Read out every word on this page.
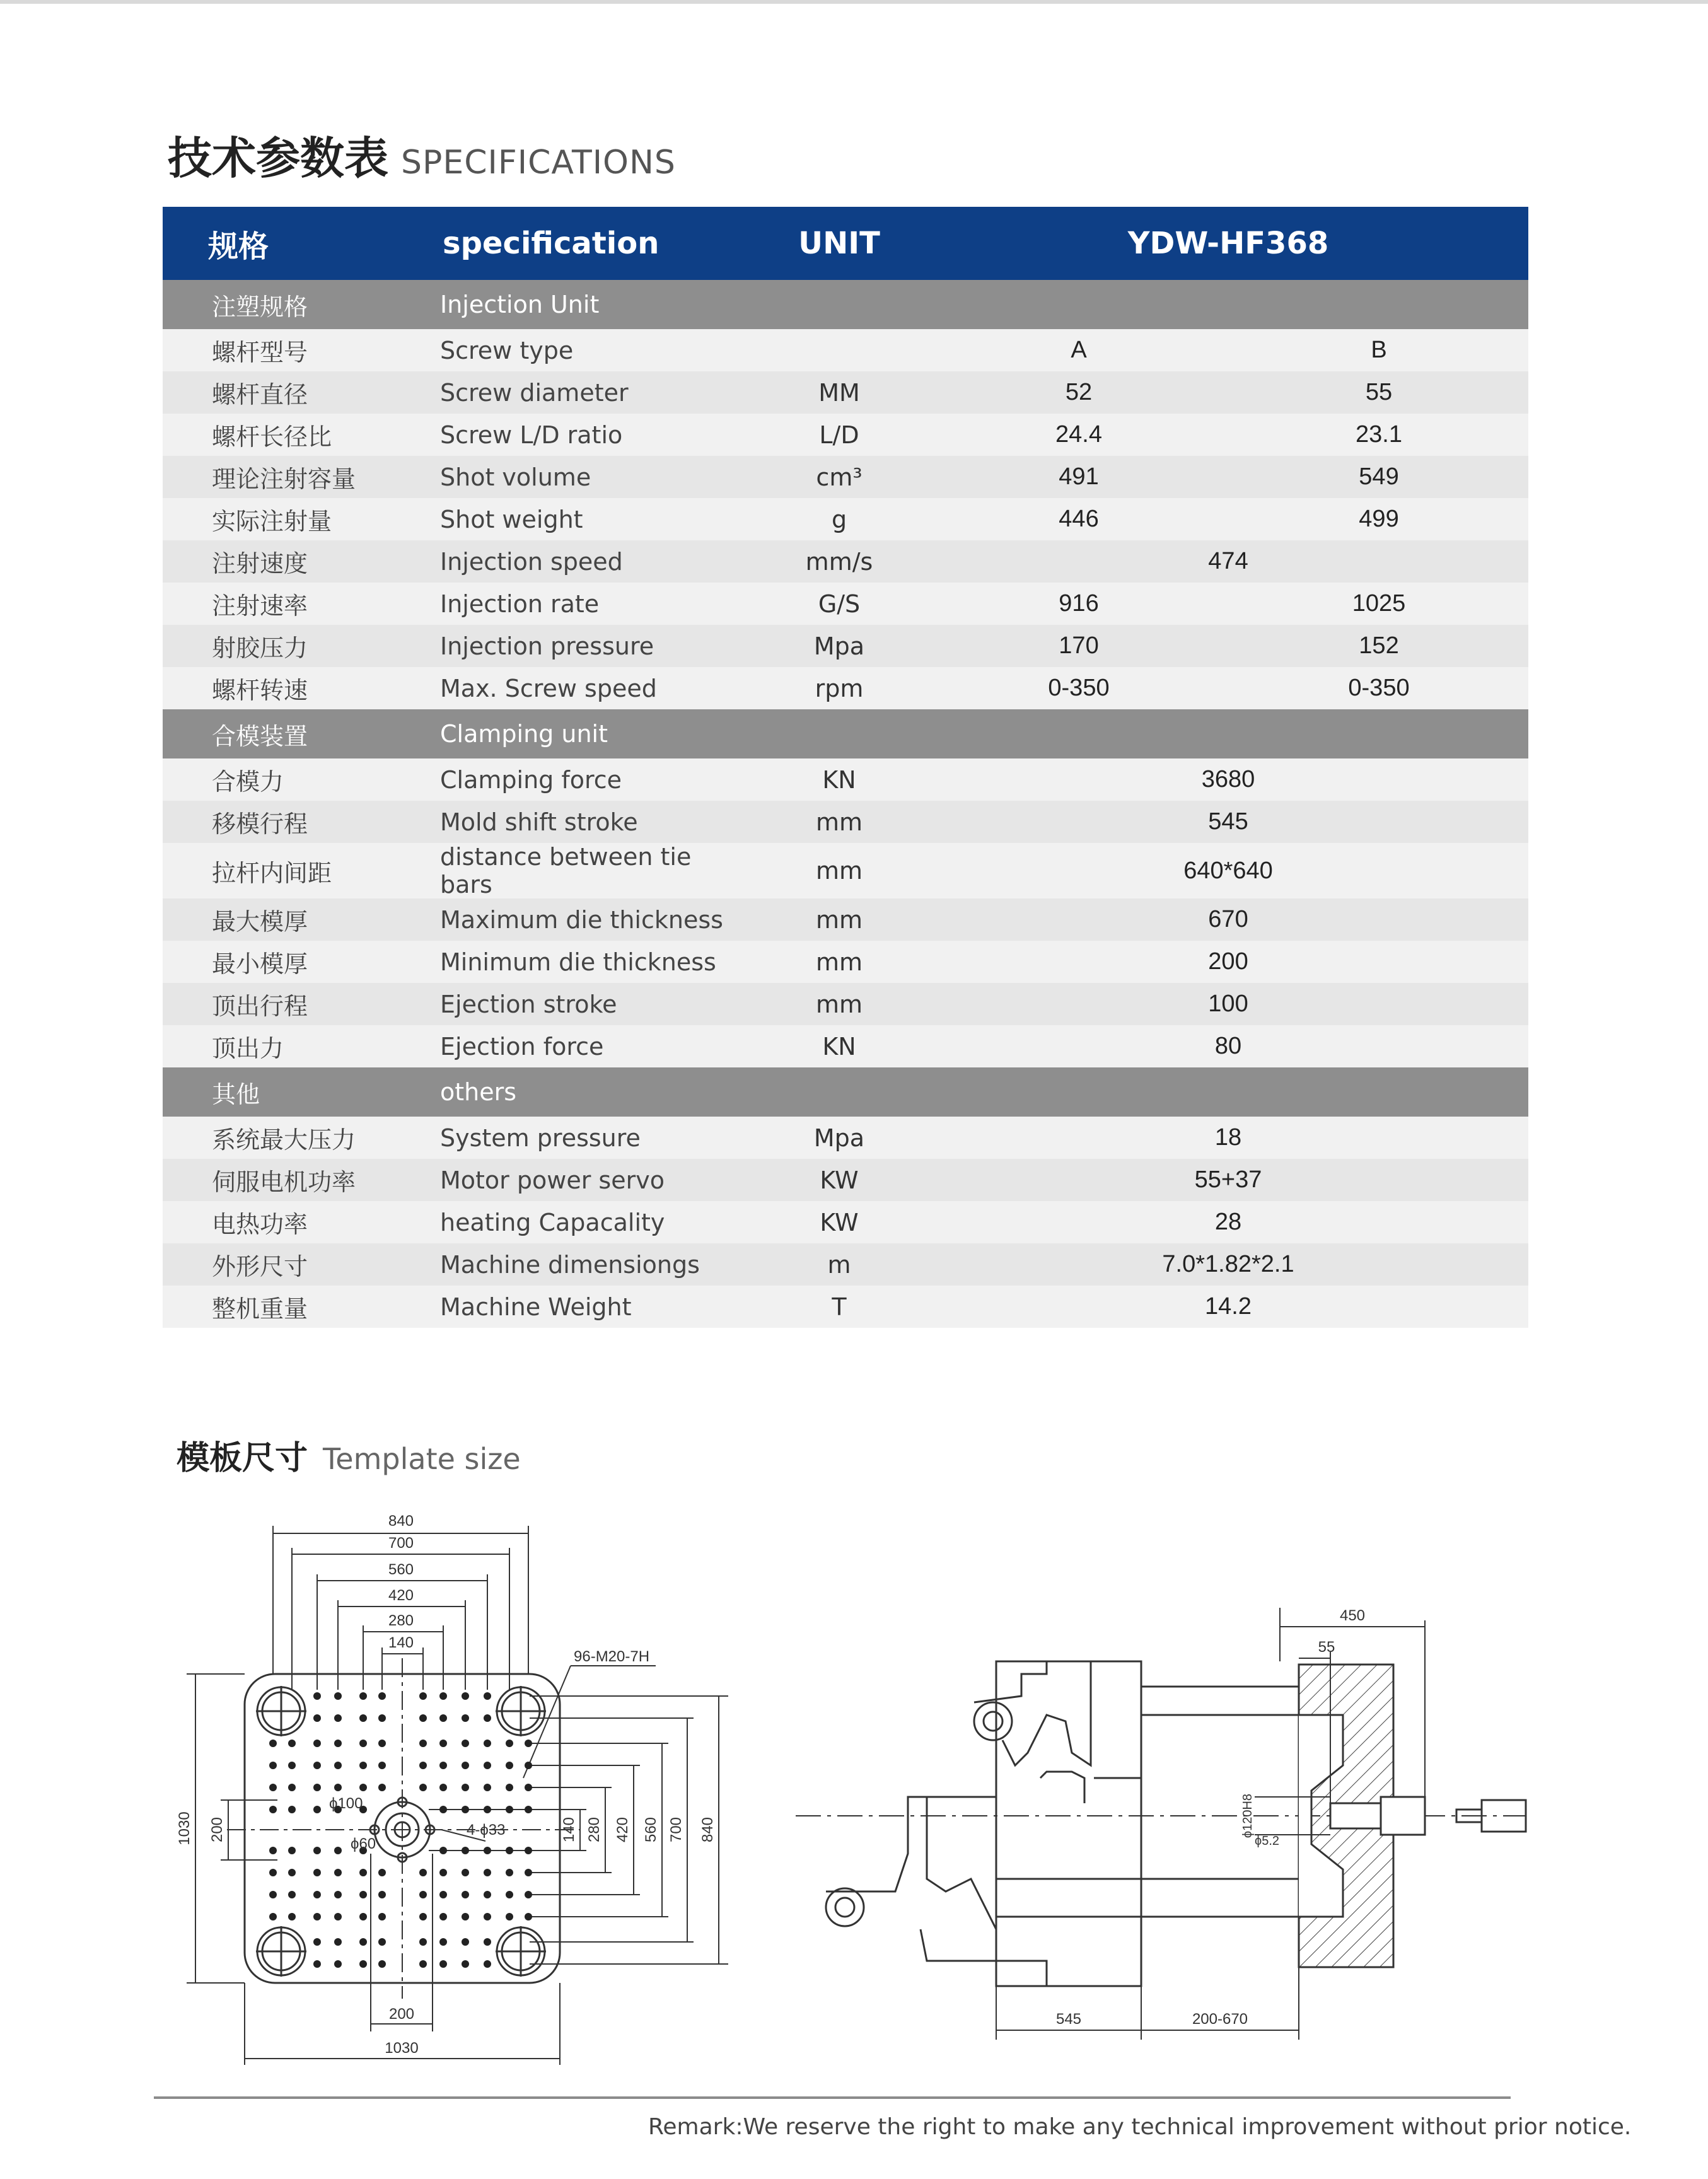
技术参数表 SPECIFICATIONS
规格	specification	UNIT	YDW-HF368	
注塑规格	Injection Unit			
螺杆型号	Screw type		A	B
螺杆直径	Screw diameter	MM	52	55
螺杆长径比	Screw L/D ratio	L/D	24.4	23.1
理论注射容量	Shot volume	cm³	491	549
实际注射量	Shot weight	g	446	499
注射速度	Injection speed	mm/s	474	
注射速率	Injection rate	G/S	916	1025
射胶压力	Injection pressure	Mpa	170	152
螺杆转速	Max. Screw speed	rpm	0-350	0-350
合模装置	Clamping unit			
合模力	Clamping force	KN	3680	
移模行程	Mold shift stroke	mm	545	
拉杆内间距	distance between tie bars	mm	640*640	
最大模厚	Maximum die thickness	mm	670	
最小模厚	Minimum die thickness	mm	200	
顶出行程	Ejection stroke	mm	100	
顶出力	Ejection force	KN	80	
其他	others			
系统最大压力	System pressure	Mpa	18	
伺服电机功率	Motor power servo	KW	55+37	
电热功率	heating Capacality	KW	28	
外形尺寸	Machine dimensiongs	m	7.0*1.82*2.1	
整机重量	Machine Weight	T	14.2	
模板尺寸 Template size
840
700
560
420
280
140
96-M20-7H
ϕ100
ϕ60
4-ϕ33
1030 200	140 280 420 560 700 840
200
1030
450
55
ϕ120H8
ϕ5.2
545	200-670
Remark:We reserve the right to make any technical improvement without prior notice.
